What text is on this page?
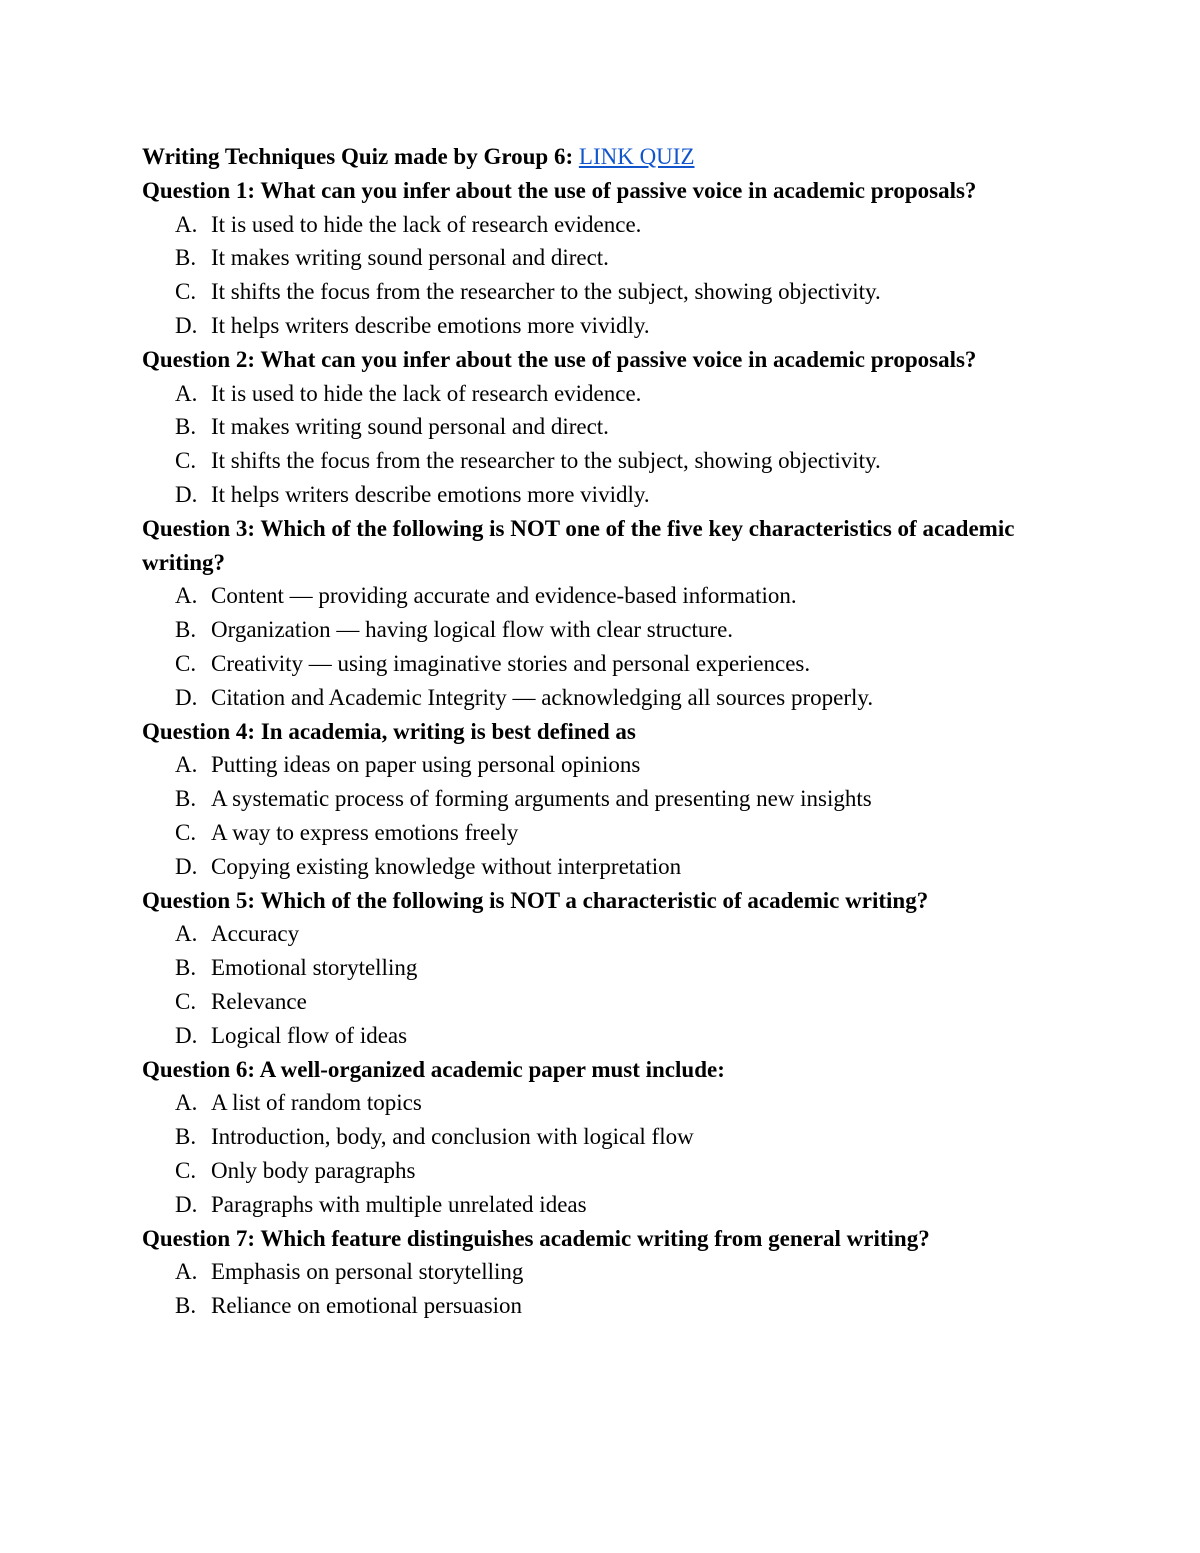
Writing Techniques Quiz made by Group 6: LINK QUIZ
Question 1: What can you infer about the use of passive voice in academic proposals?
A. It is used to hide the lack of research evidence.
B. It makes writing sound personal and direct.
C. It shifts the focus from the researcher to the subject, showing objectivity.
D. It helps writers describe emotions more vividly.
Question 2: What can you infer about the use of passive voice in academic proposals?
A. It is used to hide the lack of research evidence.
B. It makes writing sound personal and direct.
C. It shifts the focus from the researcher to the subject, showing objectivity.
D. It helps writers describe emotions more vividly.
Question 3: Which of the following is NOT one of the five key characteristics of academic writing?
A. Content — providing accurate and evidence-based information.
B. Organization — having logical flow with clear structure.
C. Creativity — using imaginative stories and personal experiences.
D. Citation and Academic Integrity — acknowledging all sources properly.
Question 4: In academia, writing is best defined as
A. Putting ideas on paper using personal opinions
B. A systematic process of forming arguments and presenting new insights
C. A way to express emotions freely
D. Copying existing knowledge without interpretation
Question 5: Which of the following is NOT a characteristic of academic writing?
A. Accuracy
B. Emotional storytelling
C. Relevance
D. Logical flow of ideas
Question 6: A well-organized academic paper must include:
A. A list of random topics
B. Introduction, body, and conclusion with logical flow
C. Only body paragraphs
D. Paragraphs with multiple unrelated ideas
Question 7: Which feature distinguishes academic writing from general writing?
A. Emphasis on personal storytelling
B. Reliance on emotional persuasion
